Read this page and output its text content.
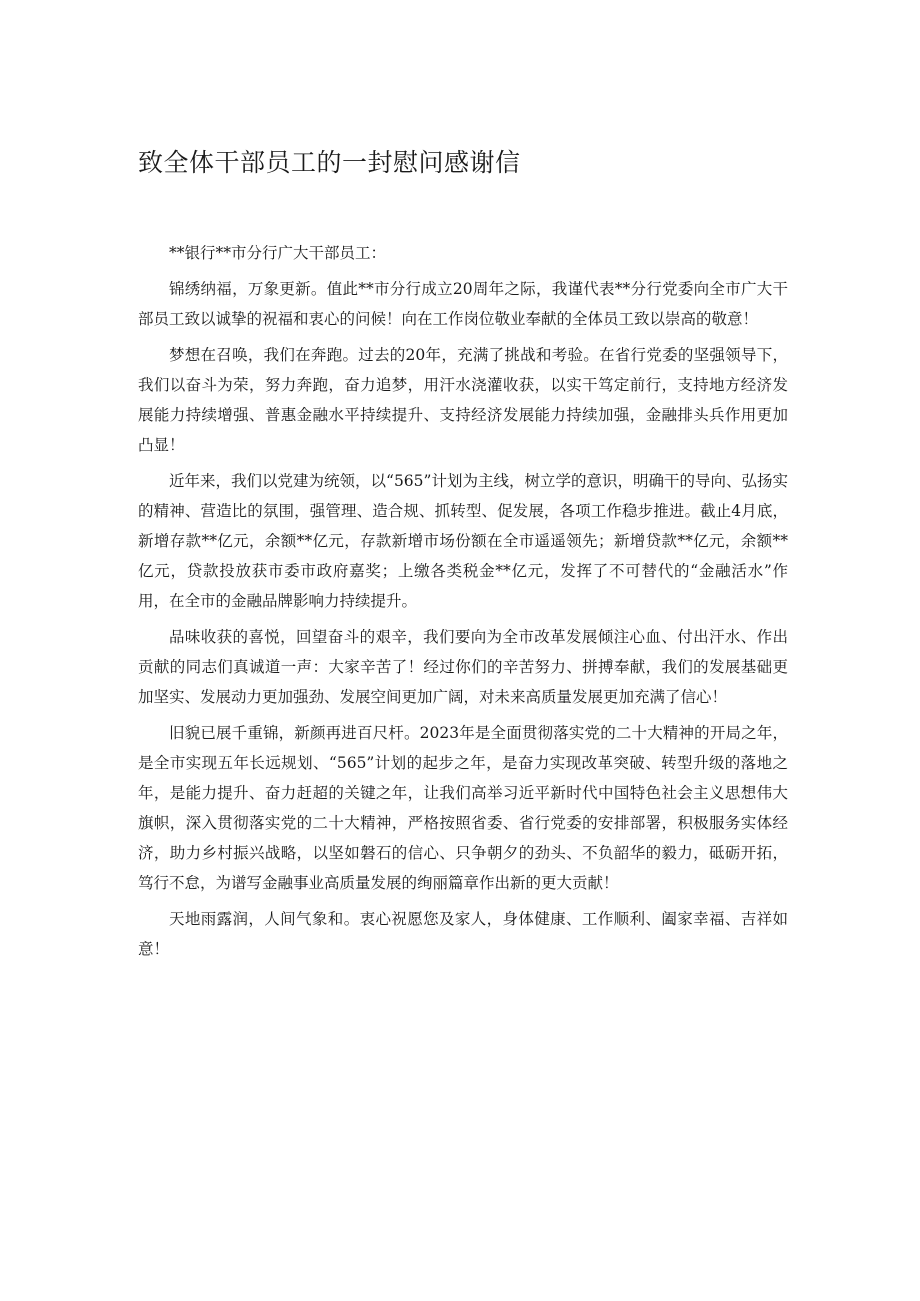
致全体干部员工的一封慰问感谢信

**银行**市分行广大干部员工：

锦绣纳福，万象更新。值此**市分行成立20周年之际，我谨代表**分行党委向全市广大干部员工致以诚挚的祝福和衷心的问候！向在工作岗位敬业奉献的全体员工致以崇高的敬意！

梦想在召唤，我们在奔跑。过去的20年，充满了挑战和考验。在省行党委的坚强领导下，我们以奋斗为荣，努力奔跑，奋力追梦，用汗水浇灌收获，以实干笃定前行，支持地方经济发展能力持续增强、普惠金融水平持续提升、支持经济发展能力持续加强，金融排头兵作用更加凸显！

近年来，我们以党建为统领，以“565”计划为主线，树立学的意识，明确干的导向、弘扬实的精神、营造比的氛围，强管理、造合规、抓转型、促发展，各项工作稳步推进。截止4月底，新增存款**亿元，余额**亿元，存款新增市场份额在全市遥遥领先；新增贷款**亿元，余额**亿元，贷款投放获市委市政府嘉奖；上缴各类税金**亿元，发挥了不可替代的“金融活水”作用，在全市的金融品牌影响力持续提升。

品味收获的喜悦，回望奋斗的艰辛，我们要向为全市改革发展倾注心血、付出汗水、作出贡献的同志们真诚道一声：大家辛苦了！经过你们的辛苦努力、拼搏奉献，我们的发展基础更加坚实、发展动力更加强劲、发展空间更加广阔，对未来高质量发展更加充满了信心！

旧貌已展千重锦，新颜再进百尺杆。2023年是全面贯彻落实党的二十大精神的开局之年，是全市实现五年长远规划、“565”计划的起步之年，是奋力实现改革突破、转型升级的落地之年，是能力提升、奋力赶超的关键之年，让我们高举习近平新时代中国特色社会主义思想伟大旗帜，深入贯彻落实党的二十大精神，严格按照省委、省行党委的安排部署，积极服务实体经济，助力乡村振兴战略，以坚如磐石的信心、只争朝夕的劲头、不负韶华的毅力，砥砺开拓，笃行不怠，为谱写金融事业高质量发展的绚丽篇章作出新的更大贡献！

天地雨露润，人间气象和。衷心祝愿您及家人，身体健康、工作顺利、阖家幸福、吉祥如意！
